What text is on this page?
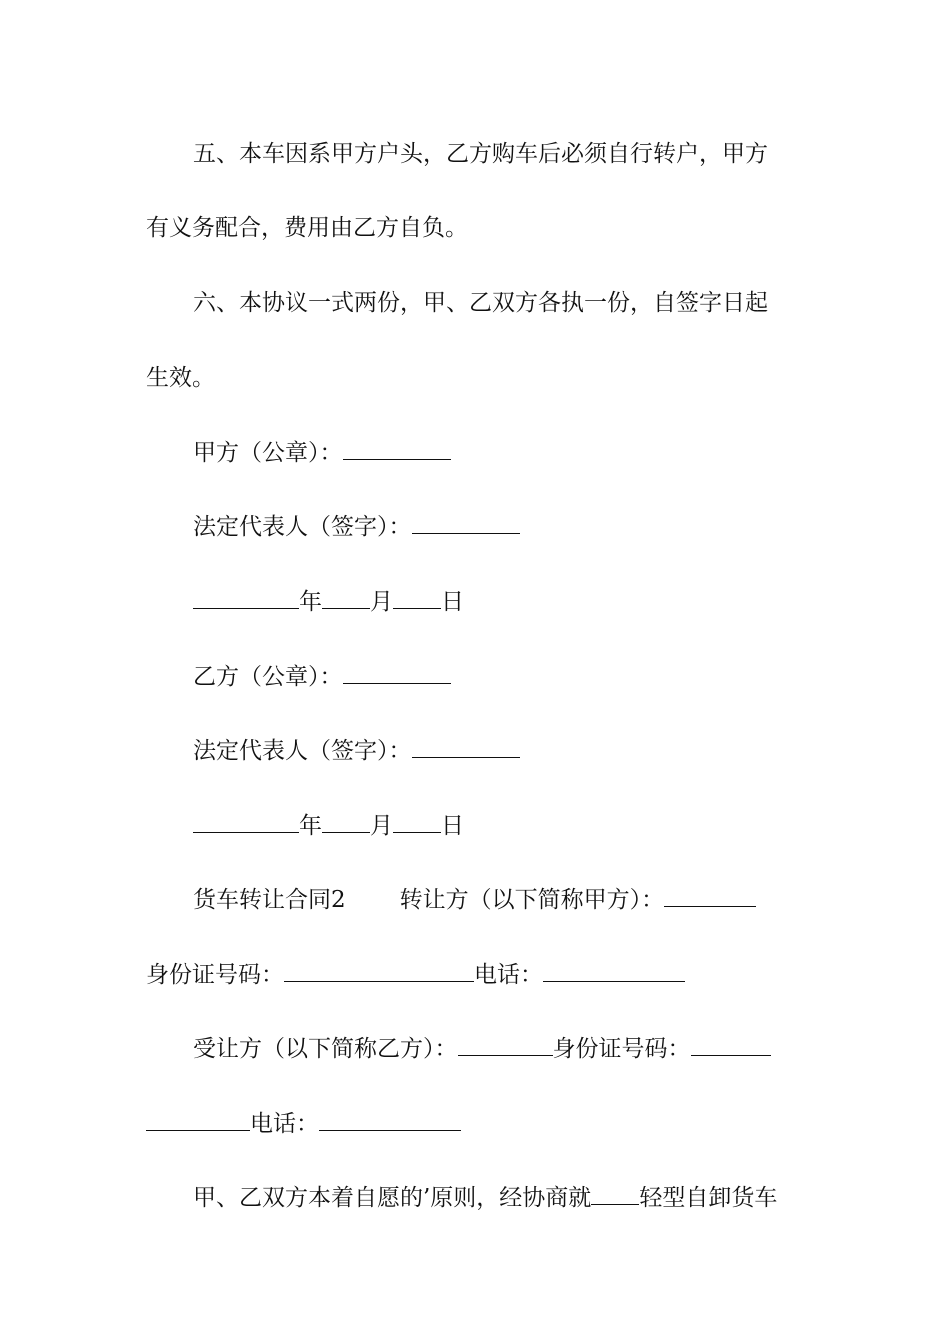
五、本车因系甲方户头，乙方购车后必须自行转户，甲方
有义务配合，费用由乙方自负。
六、本协议一式两份，甲、乙双方各执一份，自签字日起
生效。
甲方（公章）：
法定代表人（签字）：
年 月 日
乙方（公章）：
法定代表人（签字）：
年 月 日
货车转让合同2 转让方（以下简称甲方）：
身份证号码：	电话：
受让方（以下简称乙方）：	身份证号码：
电话：
甲、乙双方本着自愿的’原则，经协商就 轻型自卸货车
